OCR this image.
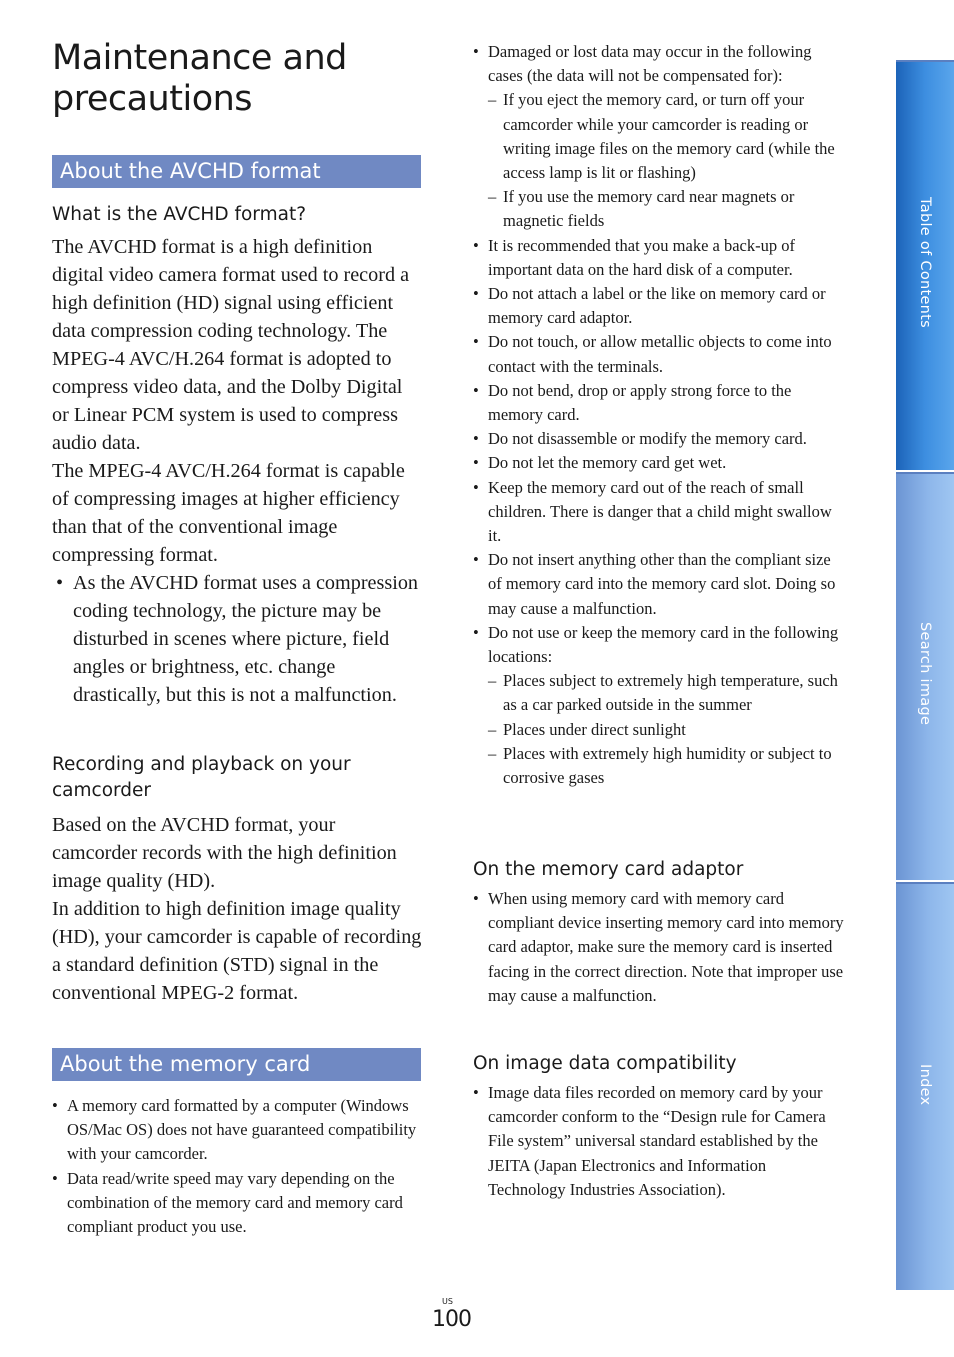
Maintenance and precautions
About the AVCHD format
What is the AVCHD format?

The AVCHD format is a high definition digital video camera format used to record a high definition (HD) signal using efficient data compression coding technology. The MPEG-4 AVC/H.264 format is adopted to compress video data, and the Dolby Digital or Linear PCM system is used to compress audio data.

The MPEG-4 AVC/H.264 format is capable of compressing images at higher efficiency than that of the conventional image compressing format.

• As the AVCHD format uses a compression coding technology, the picture may be disturbed in scenes where picture, field angles or brightness, etc. change drastically, but this is not a malfunction.

Recording and playback on your camcorder

Based on the AVCHD format, your camcorder records with the high definition image quality (HD).

In addition to high definition image quality (HD), your camcorder is capable of recording a standard definition (STD) signal in the conventional MPEG-2 format.

About the memory card
• A memory card formatted by a computer (Windows OS/Mac OS) does not have guaranteed compatibility with your camcorder.
• Data read/write speed may vary depending on the combination of the memory card and memory card compliant product you use.
• Damaged or lost data may occur in the following cases (the data will not be compensated for):
– If you eject the memory card, or turn off your camcorder while your camcorder is reading or writing image files on the memory card (while the access lamp is lit or flashing)
– If you use the memory card near magnets or magnetic fields
• It is recommended that you make a back-up of important data on the hard disk of a computer.
• Do not attach a label or the like on memory card or memory card adaptor.
• Do not touch, or allow metallic objects to come into contact with the terminals.
• Do not bend, drop or apply strong force to the memory card.
• Do not disassemble or modify the memory card.
• Do not let the memory card get wet.
• Keep the memory card out of the reach of small children. There is danger that a child might swallow it.
• Do not insert anything other than the compliant size of memory card into the memory card slot. Doing so may cause a malfunction.
• Do not use or keep the memory card in the following locations:
– Places subject to extremely high temperature, such as a car parked outside in the summer
– Places under direct sunlight
– Places with extremely high humidity or subject to corrosive gases
On the memory card adaptor
• When using memory card with memory card compliant device inserting memory card into memory card adaptor, make sure the memory card is inserted facing in the correct direction. Note that improper use may cause a malfunction.
On image data compatibility
• Image data files recorded on memory card by your camcorder conform to the “Design rule for Camera File system” universal standard established by the JEITA (Japan Electronics and Information Technology Industries Association).
Table of Contents
Search image
Index
US
100
